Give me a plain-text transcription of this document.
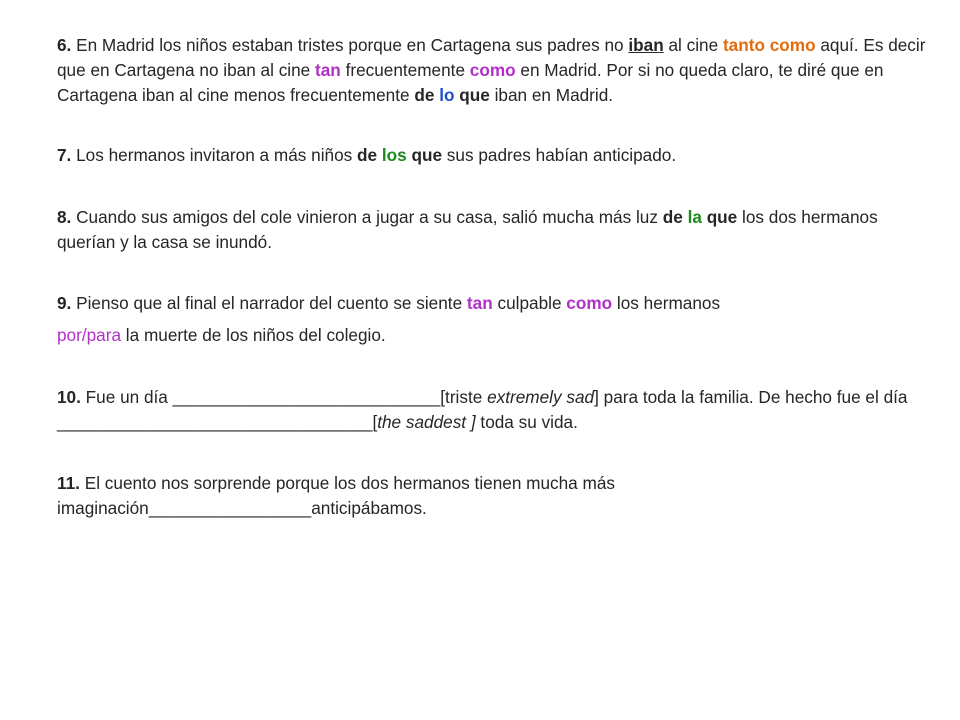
6. En Madrid los niños estaban tristes porque en Cartagena sus padres no iban al cine tanto como aquí. Es decir que en Cartagena no iban al cine tan frecuentemente como en Madrid. Por si no queda claro, te diré que en Cartagena iban al cine menos frecuentemente de lo que iban en Madrid.

7. Los hermanos invitaron a más niños de los que sus padres habían anticipado.

8. Cuando sus amigos del cole vinieron a jugar a su casa, salió mucha más luz de la que los dos hermanos querían y la casa se inundó.

9. Pienso que al final el narrador del cuento se siente tan culpable como los hermanos

por/para la muerte de los niños del colegio.

10. Fue un día ____________________________[triste extremely sad] para toda la familia. De hecho fue el día _________________________________[the saddest ] toda su vida.

11. El cuento nos sorprende porque los dos hermanos tienen mucha más imaginación_________________anticipábamos.
